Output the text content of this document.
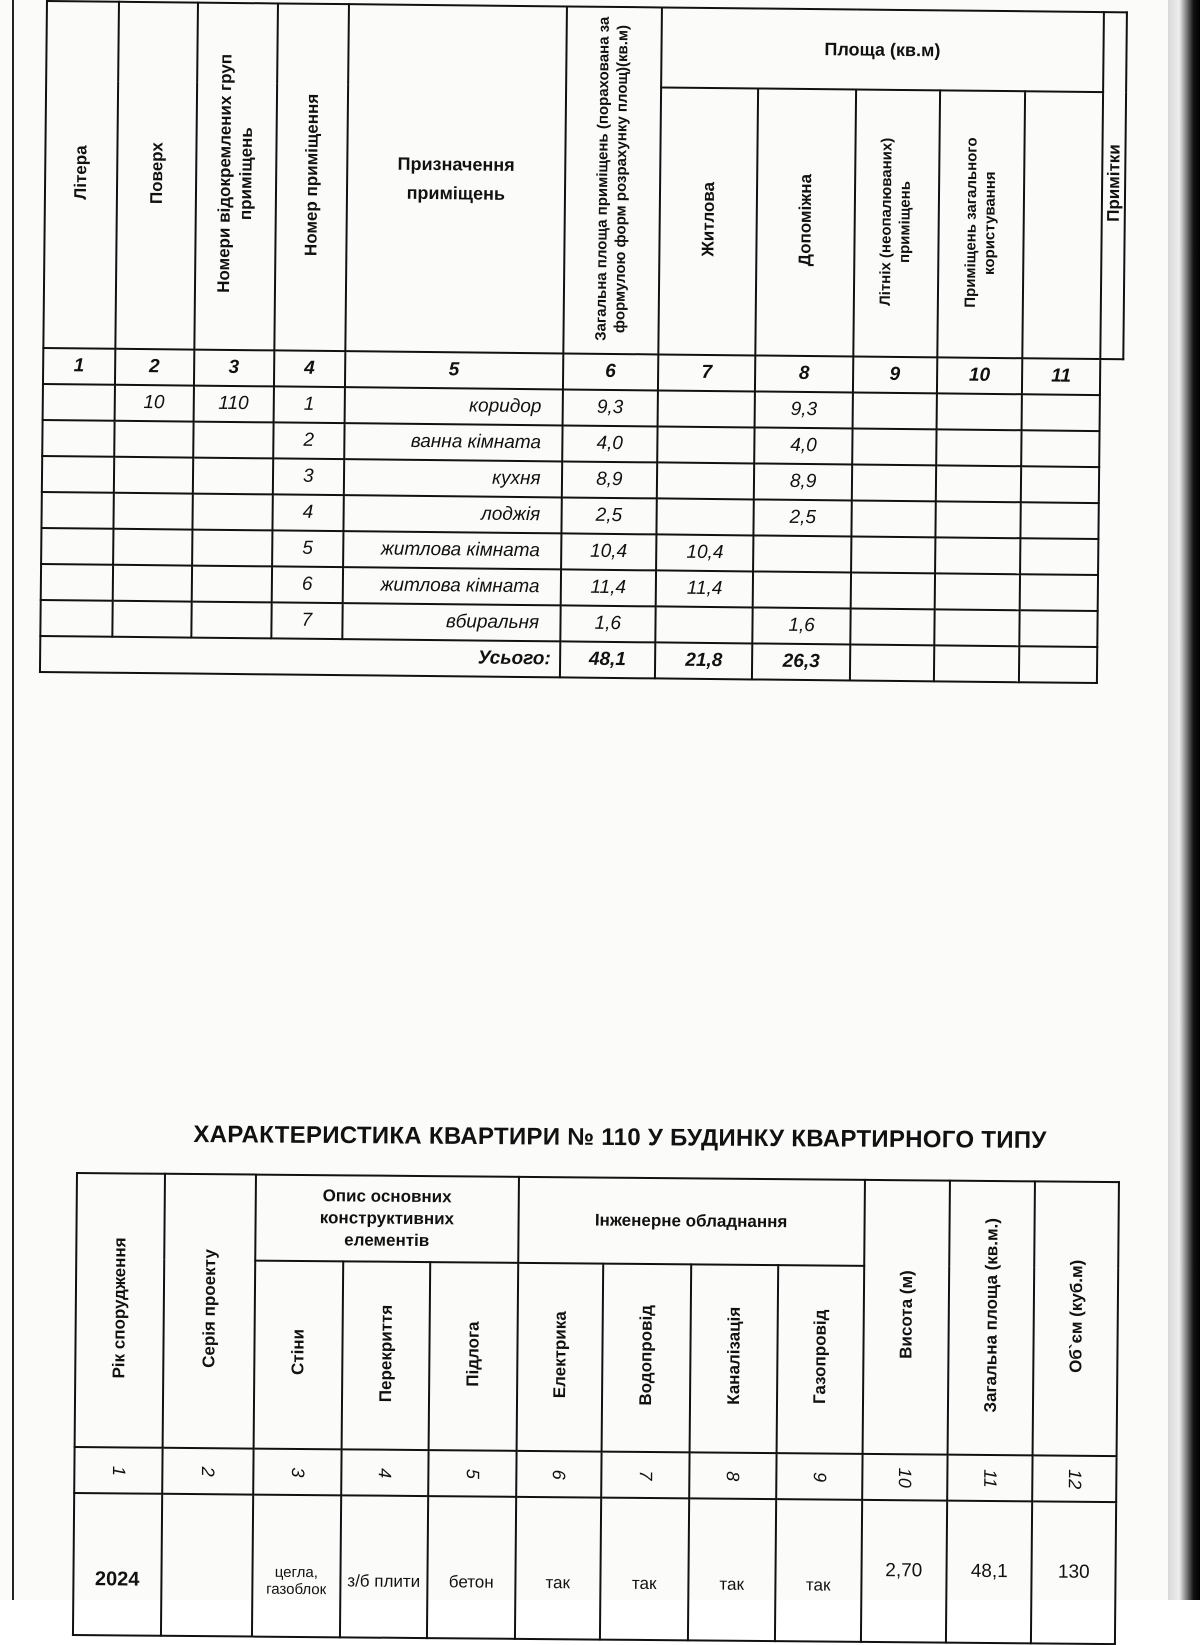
Літера	Поверх	Номери відокремлених груп приміщень	Номер приміщення	Призначення приміщень	Загальна площа приміщень (порахована за формулою форм розрахунку площ)(кв.м)	Площа (кв.м)					Примітки
						Житлова	Допоміжна	Літніх (неопалюваних) приміщень	Приміщень загального користування		
1	2	3	4	5	6	7	8	9	10	11	
	10	110	1	коридор	9,3		9,3				
			2	ванна кімната	4,0		4,0				
			3	кухня	8,9		8,9				
			4	лоджія	2,5		2,5				
			5	житлова кімната	10,4	10,4					
			6	житлова кімната	11,4	11,4					
			7	вбиральня	1,6		1,6				
Усього:					48,1	21,8	26,3				
ХАРАКТЕРИСТИКА КВАРТИРИ № 110 У БУДИНКУ КВАРТИРНОГО ТИПУ
Рік спорудження	Серія проекту	Опис основних конструктивних елементів			Інженерне обладнання				Висота (м)	Загальна площа (кв.м.)	Об`єм (куб.м)
		Стіни	Перекриття	Підлога	Електрика	Водопровід	Каналізація	Газопровід			
1	2	3	4	5	6	7	8	9	10	11	12
2024		цегла, газоблок	з/б плити	бетон	так	так	так	так	2,70	48,1	130
